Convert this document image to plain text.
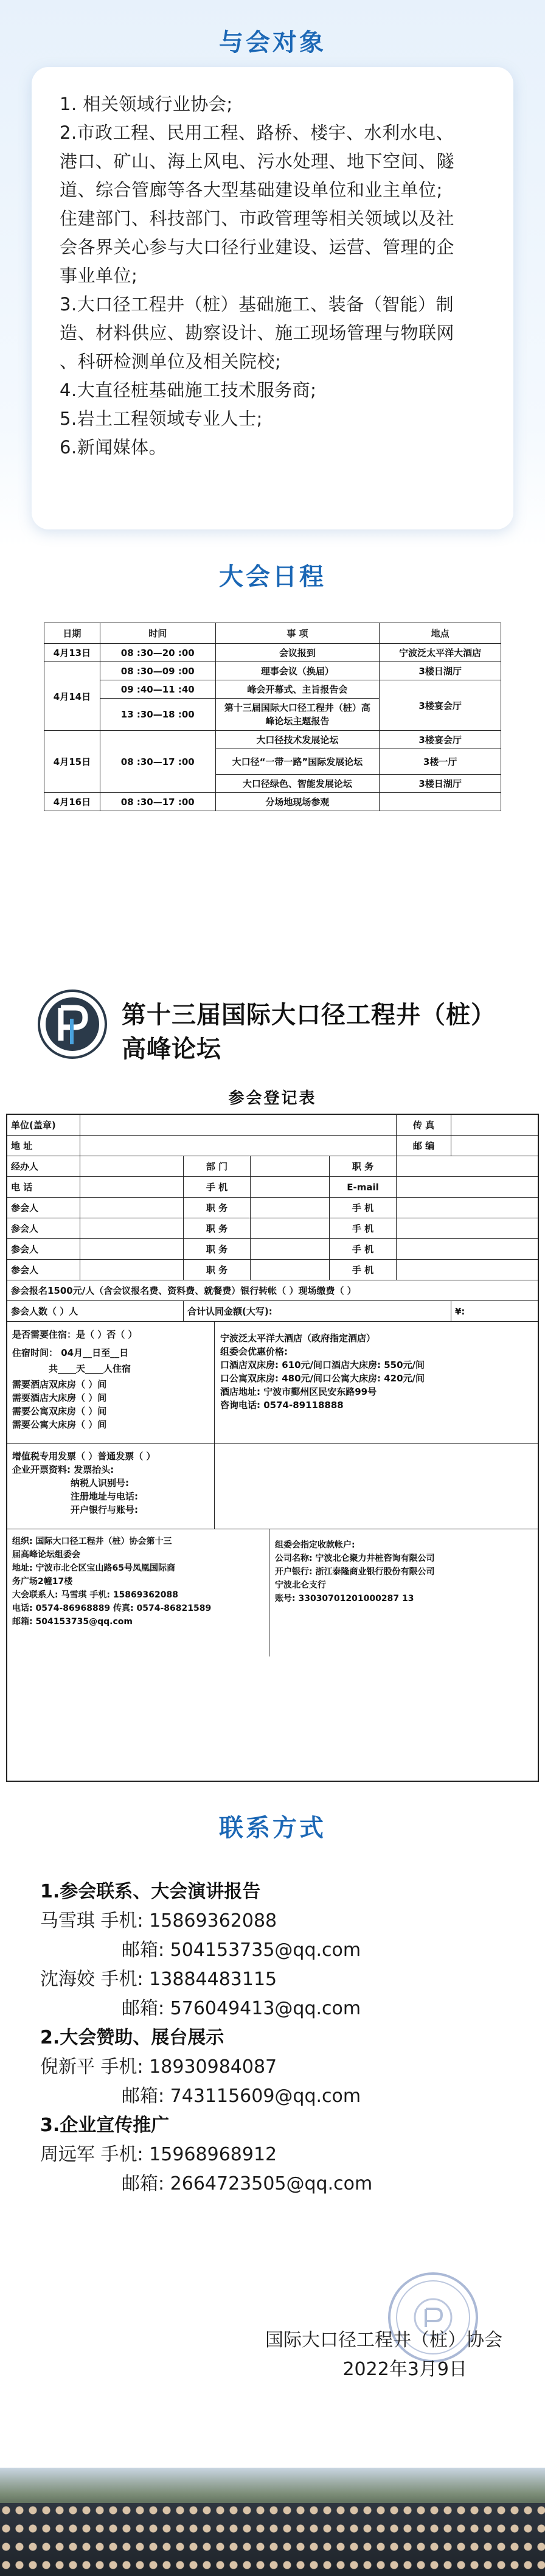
与会对象
1. 相关领域行业协会;
2.市政工程、民用工程、路桥、楼宇、水利水电、
港口、矿山、海上风电、污水处理、地下空间、隧
道、综合管廊等各大型基础建设单位和业主单位;
住建部门、科技部门、市政管理等相关领域以及社
会各界关心参与大口径行业建设、运营、管理的企
事业单位;
3.大口径工程井（桩）基础施工、装备（智能）制
造、材料供应、勘察设计、施工现场管理与物联网
、科研检测单位及相关院校;
4.大直径桩基础施工技术服务商;
5.岩土工程领域专业人士;
6.新闻媒体。
大会日程
日期	时间	事 项	地点
4月13日	08 :30—20 :00	会议报到	宁波泛太平洋大酒店
4月14日	08 :30—09 :00	理事会议（换届）	3楼日湖厅
	09 :40—11 :40	峰会开幕式、主旨报告会	3楼宴会厅
	13 :30—18 :00	第十三届国际大口径工程井（桩）高峰论坛主题报告	
4月15日	08 :30—17 :00	大口径技术发展论坛	3楼宴会厅
		大口径“一带一路”国际发展论坛	3楼一厅
		大口径绿色、智能发展论坛	3楼日湖厅
4月16日	08 :30—17 :00	分场地现场参观	
第十三届国际大口径工程井（桩）
高峰论坛
参会登记表
单位(盖章)	传 真
地 址	邮 编
经办人	部 门	职 务
电 话	手 机	E-mail
参会人	职 务	手 机
参会人	职 务	手 机
参会人	职 务	手 机
参会人	职 务	手 机
参会报名1500元/人（含会议报名费、资料费、就餐费）银行转帐（ ）现场缴费（ ）
参会人数（ ）人	合计认同金额(大写):	¥:
是否需要住宿：是（ ）否（ ）
住宿时间： 04月__日至__日
共____天____人住宿
需要酒店双床房（ ）间
需要酒店大床房（ ）间
需要公寓双床房（ ）间
需要公寓大床房（ ）间
宁波泛太平洋大酒店（政府指定酒店）
组委会优惠价格:
口酒店双床房: 610元/间口酒店大床房: 550元/间
口公寓双床房: 480元/间口公寓大床房: 420元/间
酒店地址: 宁波市鄞州区民安东路99号
咨询电话: 0574-89118888
增值税专用发票（ ）普通发票（ ）
企业开票资料: 发票抬头:
纳税人识别号:
注册地址与电话:
开户银行与账号:
组织: 国际大口径工程井（桩）协会第十三
届高峰论坛组委会
地址: 宁波市北仑区宝山路65号凤凰国际商
务广场2幢17楼
大会联系人: 马雪琪 手机: 15869362088
电话: 0574-86968889 传真: 0574-86821589
邮箱: 504153735@qq.com
组委会指定收款帐户:
公司名称: 宁波北仑聚力井桩咨询有限公司
开户银行: 浙江泰隆商业银行股份有限公司
宁波北仑支行
账号: 33030701201000287 13
联系方式
1.参会联系、大会演讲报告
马雪琪 手机: 15869362088
邮箱: 504153735@qq.com
沈海姣 手机: 13884483115
邮箱: 576049413@qq.com
2.大会赞助、展台展示
倪新平 手机: 18930984087
邮箱: 743115609@qq.com
3.企业宣传推广
周远军 手机: 15968968912
邮箱: 2664723505@qq.com
国际大口径工程井（桩）协会
2022年3月9日
